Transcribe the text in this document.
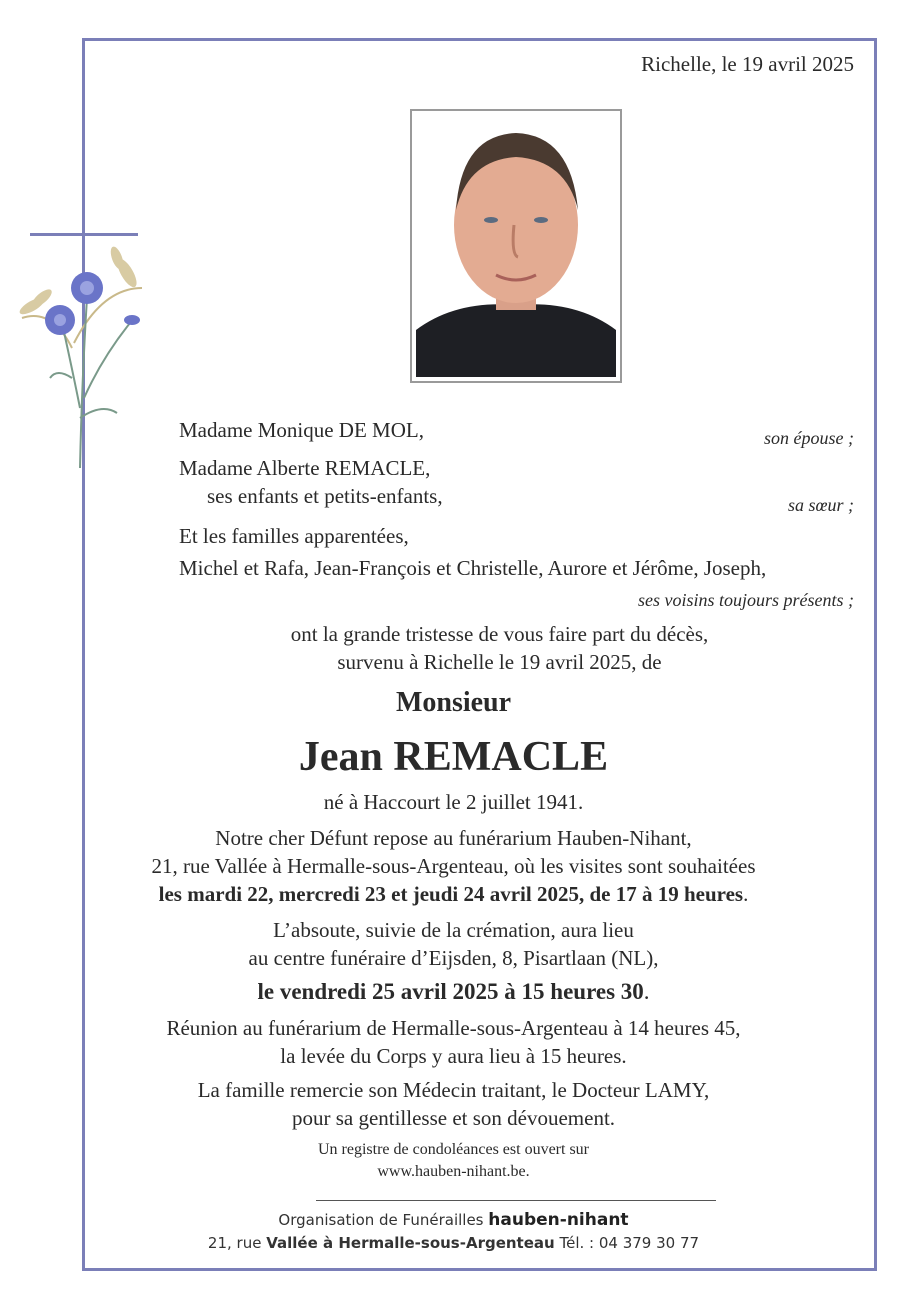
Richelle, le 19 avril 2025
Madame Monique DE MOL,	son épouse ;
Madame Alberte REMACLE,
ses enfants et petits-enfants,	sa sœur ;
Et les familles apparentées,
Michel et Rafa, Jean-François et Christelle, Aurore et Jérôme, Joseph,
ses voisins toujours présents ;
ont la grande tristesse de vous faire part du décès,
survenu à Richelle le 19 avril 2025, de
Monsieur
Jean REMACLE
né à Haccourt le 2 juillet 1941.
Notre cher Défunt repose au funérarium Hauben-Nihant,
21, rue Vallée à Hermalle-sous-Argenteau, où les visites sont souhaitées
les mardi 22, mercredi 23 et jeudi 24 avril 2025, de 17 à 19 heures.
L’absoute, suivie de la crémation, aura lieu
au centre funéraire d’Eijsden, 8, Pisartlaan (NL),
le vendredi 25 avril 2025 à 15 heures 30.
Réunion au funérarium de Hermalle-sous-Argenteau à 14 heures 45,
la levée du Corps y aura lieu à 15 heures.
La famille remercie son Médecin traitant, le Docteur LAMY,
pour sa gentillesse et son dévouement.
Un registre de condoléances est ouvert sur
www.hauben-nihant.be.
Organisation de Funérailles hauben-nihant
21, rue Vallée à Hermalle-sous-Argenteau Tél. : 04 379 30 77
